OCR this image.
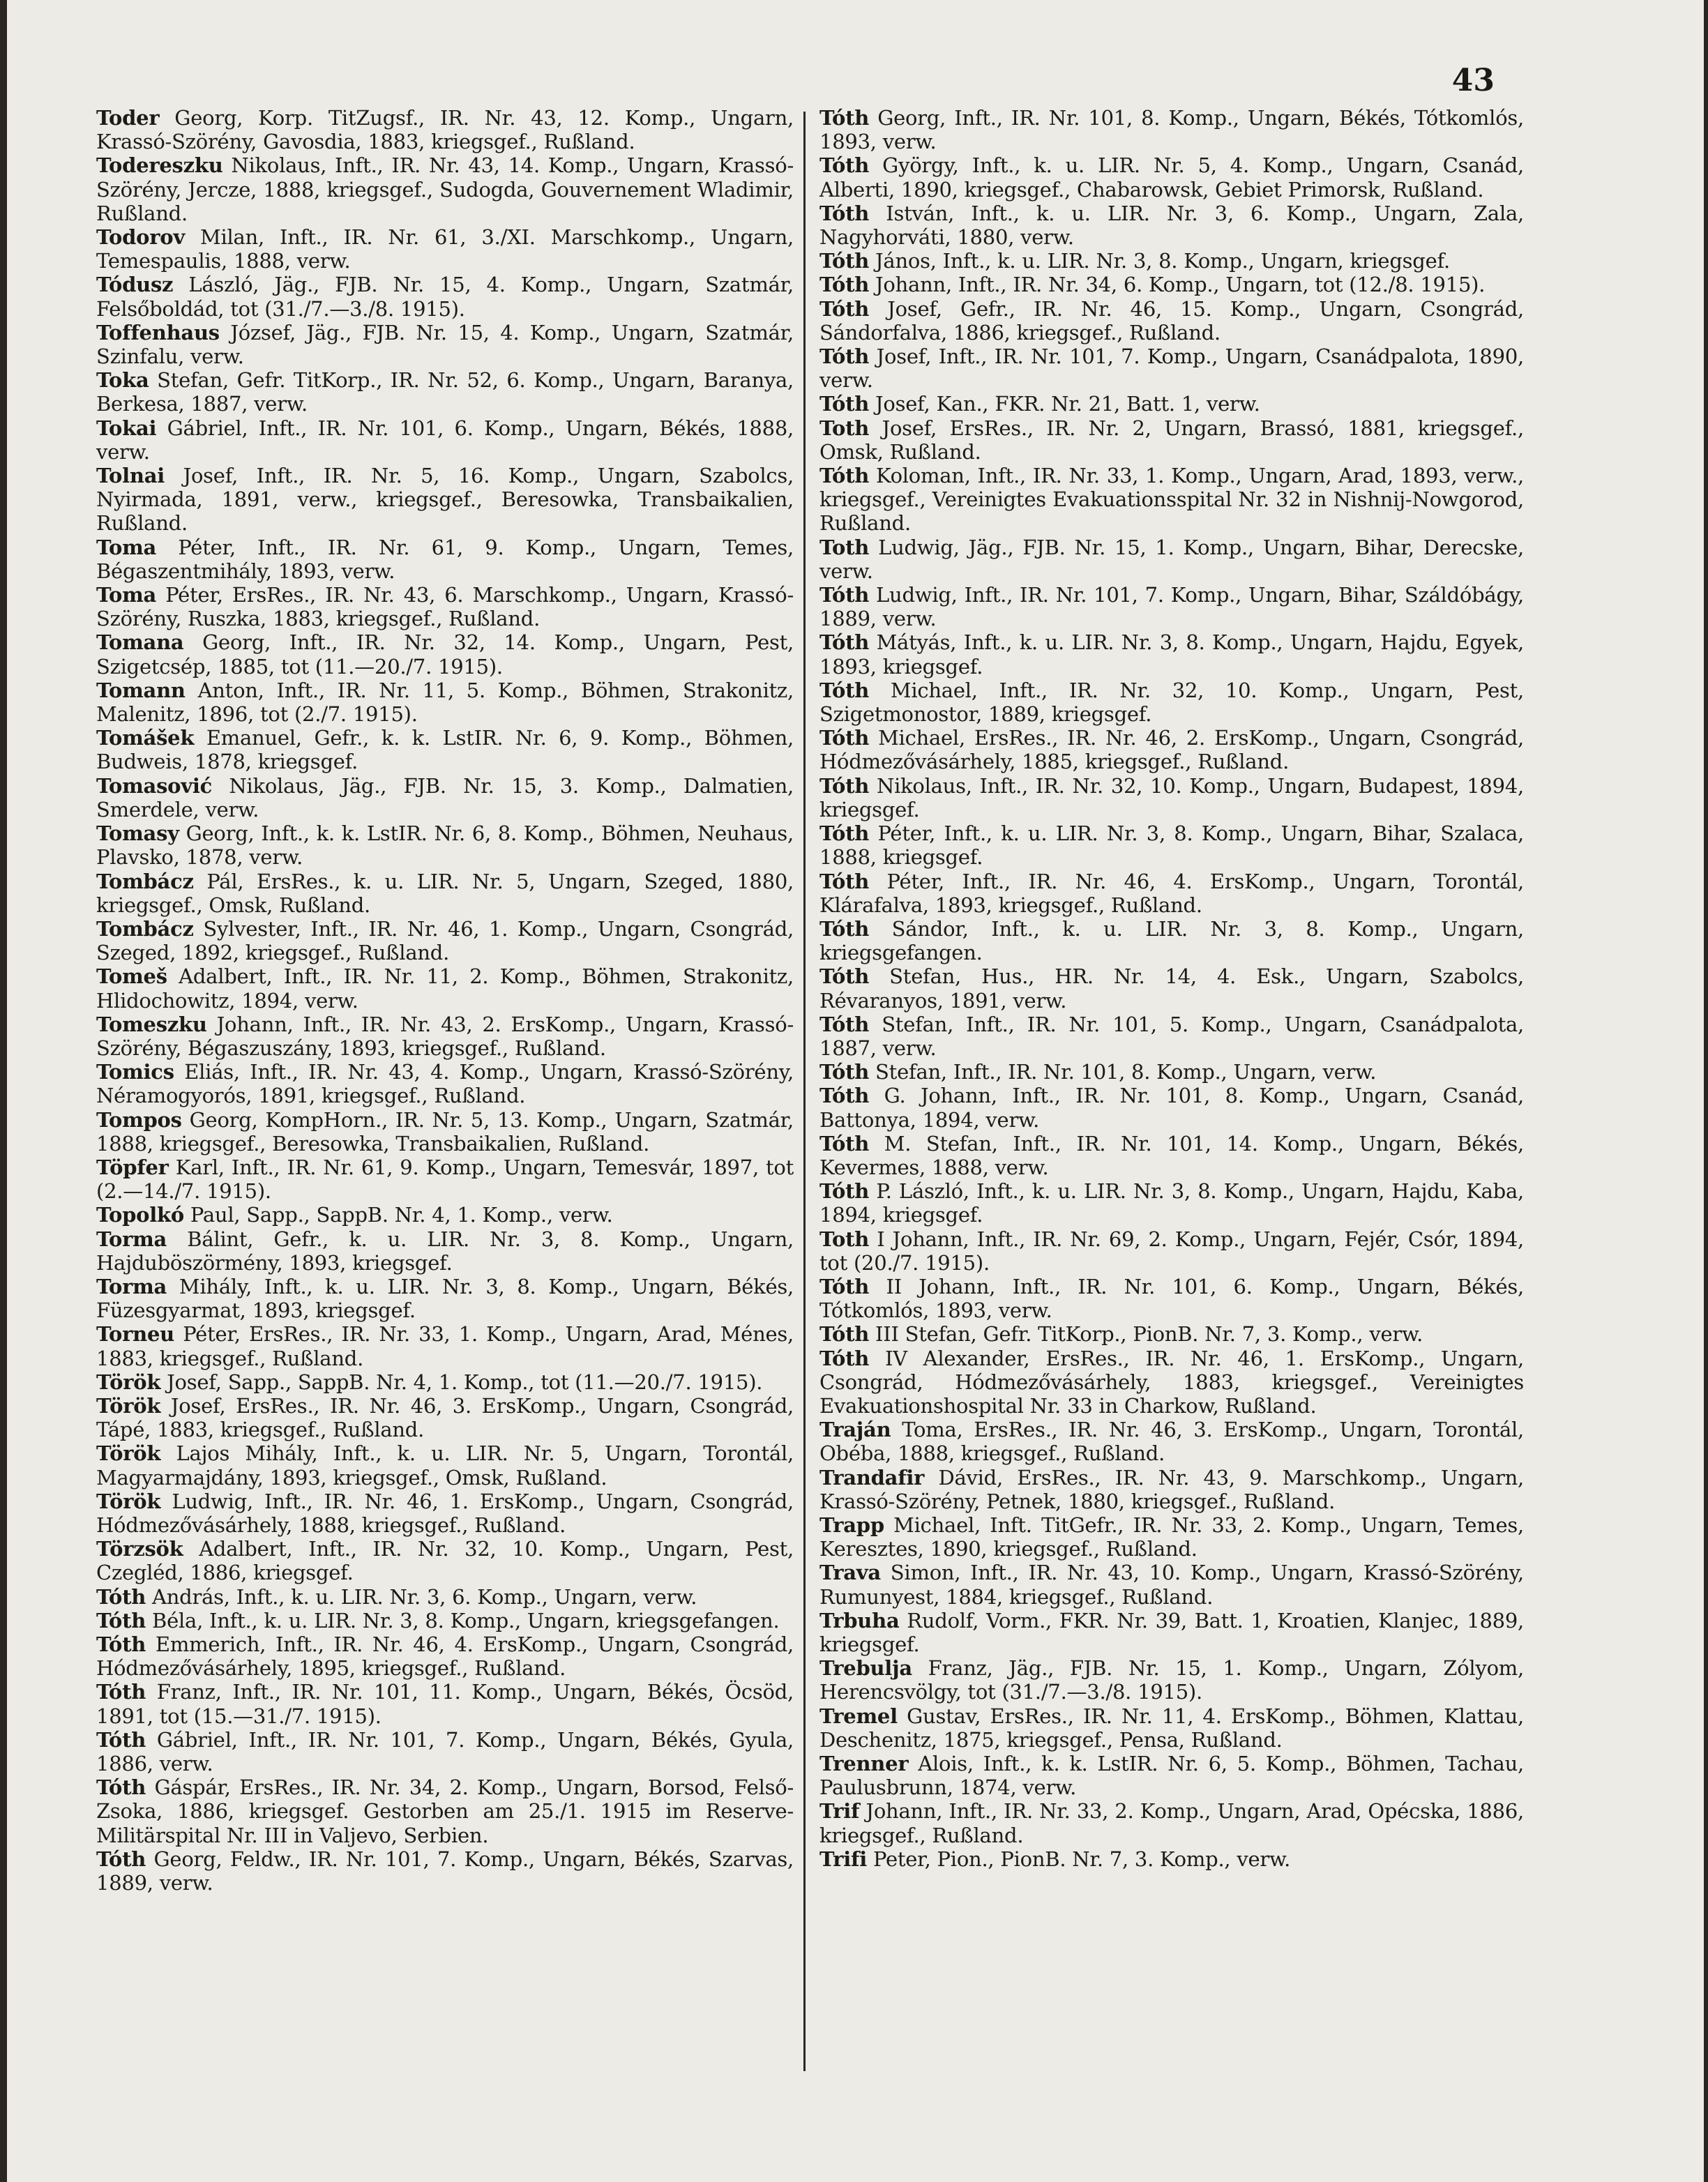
43

Toder Georg, Korp. TitZugsf., IR. Nr. 43, 12. Komp., Ungarn, Krassó-Szörény, Gavosdia, 1883, kriegsgef., Rußland.

Todereszku Nikolaus, Inft., IR. Nr. 43, 14. Komp., Ungarn, Krassó-Szörény, Jercze, 1888, kriegsgef., Sudogda, Gouvernement Wladimir, Rußland.

Todorov Milan, Inft., IR. Nr. 61, 3./XI. Marschkomp., Ungarn, Temespaulis, 1888, verw.

Tódusz László, Jäg., FJB. Nr. 15, 4. Komp., Ungarn, Szatmár, Felsőboldád, tot (31./7.—3./8. 1915).

Toffenhaus József, Jäg., FJB. Nr. 15, 4. Komp., Ungarn, Szatmár, Szinfalu, verw.

Toka Stefan, Gefr. TitKorp., IR. Nr. 52, 6. Komp., Ungarn, Baranya, Berkesa, 1887, verw.

Tokai Gábriel, Inft., IR. Nr. 101, 6. Komp., Ungarn, Békés, 1888, verw.

Tolnai Josef, Inft., IR. Nr. 5, 16. Komp., Ungarn, Szabolcs, Nyirmada, 1891, verw., kriegsgef., Beresowka, Transbaikalien, Rußland.

Toma Péter, Inft., IR. Nr. 61, 9. Komp., Ungarn, Temes, Bégaszentmihály, 1893, verw.

Toma Péter, ErsRes., IR. Nr. 43, 6. Marschkomp., Ungarn, Krassó-Szörény, Ruszka, 1883, kriegsgef., Rußland.

Tomana Georg, Inft., IR. Nr. 32, 14. Komp., Ungarn, Pest, Szigetcsép, 1885, tot (11.—20./7. 1915).

Tomann Anton, Inft., IR. Nr. 11, 5. Komp., Böhmen, Strakonitz, Malenitz, 1896, tot (2./7. 1915).

Tomášek Emanuel, Gefr., k. k. LstIR. Nr. 6, 9. Komp., Böhmen, Budweis, 1878, kriegsgef.

Tomasović Nikolaus, Jäg., FJB. Nr. 15, 3. Komp., Dalmatien, Smerdele, verw.

Tomasy Georg, Inft., k. k. LstIR. Nr. 6, 8. Komp., Böhmen, Neuhaus, Plavsko, 1878, verw.

Tombácz Pál, ErsRes., k. u. LIR. Nr. 5, Ungarn, Szeged, 1880, kriegsgef., Omsk, Rußland.

Tombácz Sylvester, Inft., IR. Nr. 46, 1. Komp., Ungarn, Csongrád, Szeged, 1892, kriegsgef., Rußland.

Tomeš Adalbert, Inft., IR. Nr. 11, 2. Komp., Böhmen, Strakonitz, Hlidochowitz, 1894, verw.

Tomeszku Johann, Inft., IR. Nr. 43, 2. ErsKomp., Ungarn, Krassó-Szörény, Bégaszuszány, 1893, kriegsgef., Rußland.

Tomics Eliás, Inft., IR. Nr. 43, 4. Komp., Ungarn, Krassó-Szörény, Néramogyorós, 1891, kriegsgef., Rußland.

Tompos Georg, KompHorn., IR. Nr. 5, 13. Komp., Ungarn, Szatmár, 1888, kriegsgef., Beresowka, Transbaikalien, Rußland.

Töpfer Karl, Inft., IR. Nr. 61, 9. Komp., Ungarn, Temesvár, 1897, tot (2.—14./7. 1915).

Topolkó Paul, Sapp., SappB. Nr. 4, 1. Komp., verw.

Torma Bálint, Gefr., k. u. LIR. Nr. 3, 8. Komp., Ungarn, Hajduböszörmény, 1893, kriegsgef.

Torma Mihály, Inft., k. u. LIR. Nr. 3, 8. Komp., Ungarn, Békés, Füzesgyarmat, 1893, kriegsgef.

Torneu Péter, ErsRes., IR. Nr. 33, 1. Komp., Ungarn, Arad, Ménes, 1883, kriegsgef., Rußland.

Török Josef, Sapp., SappB. Nr. 4, 1. Komp., tot (11.—20./7. 1915).

Török Josef, ErsRes., IR. Nr. 46, 3. ErsKomp., Ungarn, Csongrád, Tápé, 1883, kriegsgef., Rußland.

Török Lajos Mihály, Inft., k. u. LIR. Nr. 5, Ungarn, Torontál, Magyarmajdány, 1893, kriegsgef., Omsk, Rußland.

Török Ludwig, Inft., IR. Nr. 46, 1. ErsKomp., Ungarn, Csongrád, Hódmezővásárhely, 1888, kriegsgef., Rußland.

Törzsök Adalbert, Inft., IR. Nr. 32, 10. Komp., Ungarn, Pest, Czegléd, 1886, kriegsgef.

Tóth András, Inft., k. u. LIR. Nr. 3, 6. Komp., Ungarn, verw.

Tóth Béla, Inft., k. u. LIR. Nr. 3, 8. Komp., Ungarn, kriegsgefangen.

Tóth Emmerich, Inft., IR. Nr. 46, 4. ErsKomp., Ungarn, Csongrád, Hódmezővásárhely, 1895, kriegsgef., Rußland.

Tóth Franz, Inft., IR. Nr. 101, 11. Komp., Ungarn, Békés, Öcsöd, 1891, tot (15.—31./7. 1915).

Tóth Gábriel, Inft., IR. Nr. 101, 7. Komp., Ungarn, Békés, Gyula, 1886, verw.

Tóth Gáspár, ErsRes., IR. Nr. 34, 2. Komp., Ungarn, Borsod, Felső-Zsoka, 1886, kriegsgef. Gestorben am 25./1. 1915 im Reserve-Militärspital Nr. III in Valjevo, Serbien.

Tóth Georg, Feldw., IR. Nr. 101, 7. Komp., Ungarn, Békés, Szarvas, 1889, verw.

Tóth Georg, Inft., IR. Nr. 101, 8. Komp., Ungarn, Békés, Tótkomlós, 1893, verw.

Tóth György, Inft., k. u. LIR. Nr. 5, 4. Komp., Ungarn, Csanád, Alberti, 1890, kriegsgef., Chabarowsk, Gebiet Primorsk, Rußland.

Tóth István, Inft., k. u. LIR. Nr. 3, 6. Komp., Ungarn, Zala, Nagyhorváti, 1880, verw.

Tóth János, Inft., k. u. LIR. Nr. 3, 8. Komp., Ungarn, kriegsgef.

Tóth Johann, Inft., IR. Nr. 34, 6. Komp., Ungarn, tot (12./8. 1915).

Tóth Josef, Gefr., IR. Nr. 46, 15. Komp., Ungarn, Csongrád, Sándorfalva, 1886, kriegsgef., Rußland.

Tóth Josef, Inft., IR. Nr. 101, 7. Komp., Ungarn, Csanádpalota, 1890, verw.

Tóth Josef, Kan., FKR. Nr. 21, Batt. 1, verw.

Toth Josef, ErsRes., IR. Nr. 2, Ungarn, Brassó, 1881, kriegsgef., Omsk, Rußland.

Tóth Koloman, Inft., IR. Nr. 33, 1. Komp., Ungarn, Arad, 1893, verw., kriegsgef., Vereinigtes Evakuationsspital Nr. 32 in Nishnij-Nowgorod, Rußland.

Toth Ludwig, Jäg., FJB. Nr. 15, 1. Komp., Ungarn, Bihar, Derecske, verw.

Tóth Ludwig, Inft., IR. Nr. 101, 7. Komp., Ungarn, Bihar, Száldóbágy, 1889, verw.

Tóth Mátyás, Inft., k. u. LIR. Nr. 3, 8. Komp., Ungarn, Hajdu, Egyek, 1893, kriegsgef.

Tóth Michael, Inft., IR. Nr. 32, 10. Komp., Ungarn, Pest, Szigetmonostor, 1889, kriegsgef.

Tóth Michael, ErsRes., IR. Nr. 46, 2. ErsKomp., Ungarn, Csongrád, Hódmezővásárhely, 1885, kriegsgef., Rußland.

Tóth Nikolaus, Inft., IR. Nr. 32, 10. Komp., Ungarn, Budapest, 1894, kriegsgef.

Tóth Péter, Inft., k. u. LIR. Nr. 3, 8. Komp., Ungarn, Bihar, Szalaca, 1888, kriegsgef.

Tóth Péter, Inft., IR. Nr. 46, 4. ErsKomp., Ungarn, Torontál, Klárafalva, 1893, kriegsgef., Rußland.

Tóth Sándor, Inft., k. u. LIR. Nr. 3, 8. Komp., Ungarn, kriegsgefangen.

Tóth Stefan, Hus., HR. Nr. 14, 4. Esk., Ungarn, Szabolcs, Révaranyos, 1891, verw.

Tóth Stefan, Inft., IR. Nr. 101, 5. Komp., Ungarn, Csanádpalota, 1887, verw.

Tóth Stefan, Inft., IR. Nr. 101, 8. Komp., Ungarn, verw.

Tóth G. Johann, Inft., IR. Nr. 101, 8. Komp., Ungarn, Csanád, Battonya, 1894, verw.

Tóth M. Stefan, Inft., IR. Nr. 101, 14. Komp., Ungarn, Békés, Kevermes, 1888, verw.

Tóth P. László, Inft., k. u. LIR. Nr. 3, 8. Komp., Ungarn, Hajdu, Kaba, 1894, kriegsgef.

Toth I Johann, Inft., IR. Nr. 69, 2. Komp., Ungarn, Fejér, Csór, 1894, tot (20./7. 1915).

Tóth II Johann, Inft., IR. Nr. 101, 6. Komp., Ungarn, Békés, Tótkomlós, 1893, verw.

Tóth III Stefan, Gefr. TitKorp., PionB. Nr. 7, 3. Komp., verw.

Tóth IV Alexander, ErsRes., IR. Nr. 46, 1. ErsKomp., Ungarn, Csongrád, Hódmezővásárhely, 1883, kriegsgef., Vereinigtes Evakuationshospital Nr. 33 in Charkow, Rußland.

Traján Toma, ErsRes., IR. Nr. 46, 3. ErsKomp., Ungarn, Torontál, Obéba, 1888, kriegsgef., Rußland.

Trandafir Dávid, ErsRes., IR. Nr. 43, 9. Marschkomp., Ungarn, Krassó-Szörény, Petnek, 1880, kriegsgef., Rußland.

Trapp Michael, Inft. TitGefr., IR. Nr. 33, 2. Komp., Ungarn, Temes, Keresztes, 1890, kriegsgef., Rußland.

Trava Simon, Inft., IR. Nr. 43, 10. Komp., Ungarn, Krassó-Szörény, Rumunyest, 1884, kriegsgef., Rußland.

Trbuha Rudolf, Vorm., FKR. Nr. 39, Batt. 1, Kroatien, Klanjec, 1889, kriegsgef.

Trebulja Franz, Jäg., FJB. Nr. 15, 1. Komp., Ungarn, Zólyom, Herencsvölgy, tot (31./7.—3./8. 1915).

Tremel Gustav, ErsRes., IR. Nr. 11, 4. ErsKomp., Böhmen, Klattau, Deschenitz, 1875, kriegsgef., Pensa, Rußland.

Trenner Alois, Inft., k. k. LstIR. Nr. 6, 5. Komp., Böhmen, Tachau, Paulusbrunn, 1874, verw.

Trif Johann, Inft., IR. Nr. 33, 2. Komp., Ungarn, Arad, Opécska, 1886, kriegsgef., Rußland.

Trifi Peter, Pion., PionB. Nr. 7, 3. Komp., verw.
